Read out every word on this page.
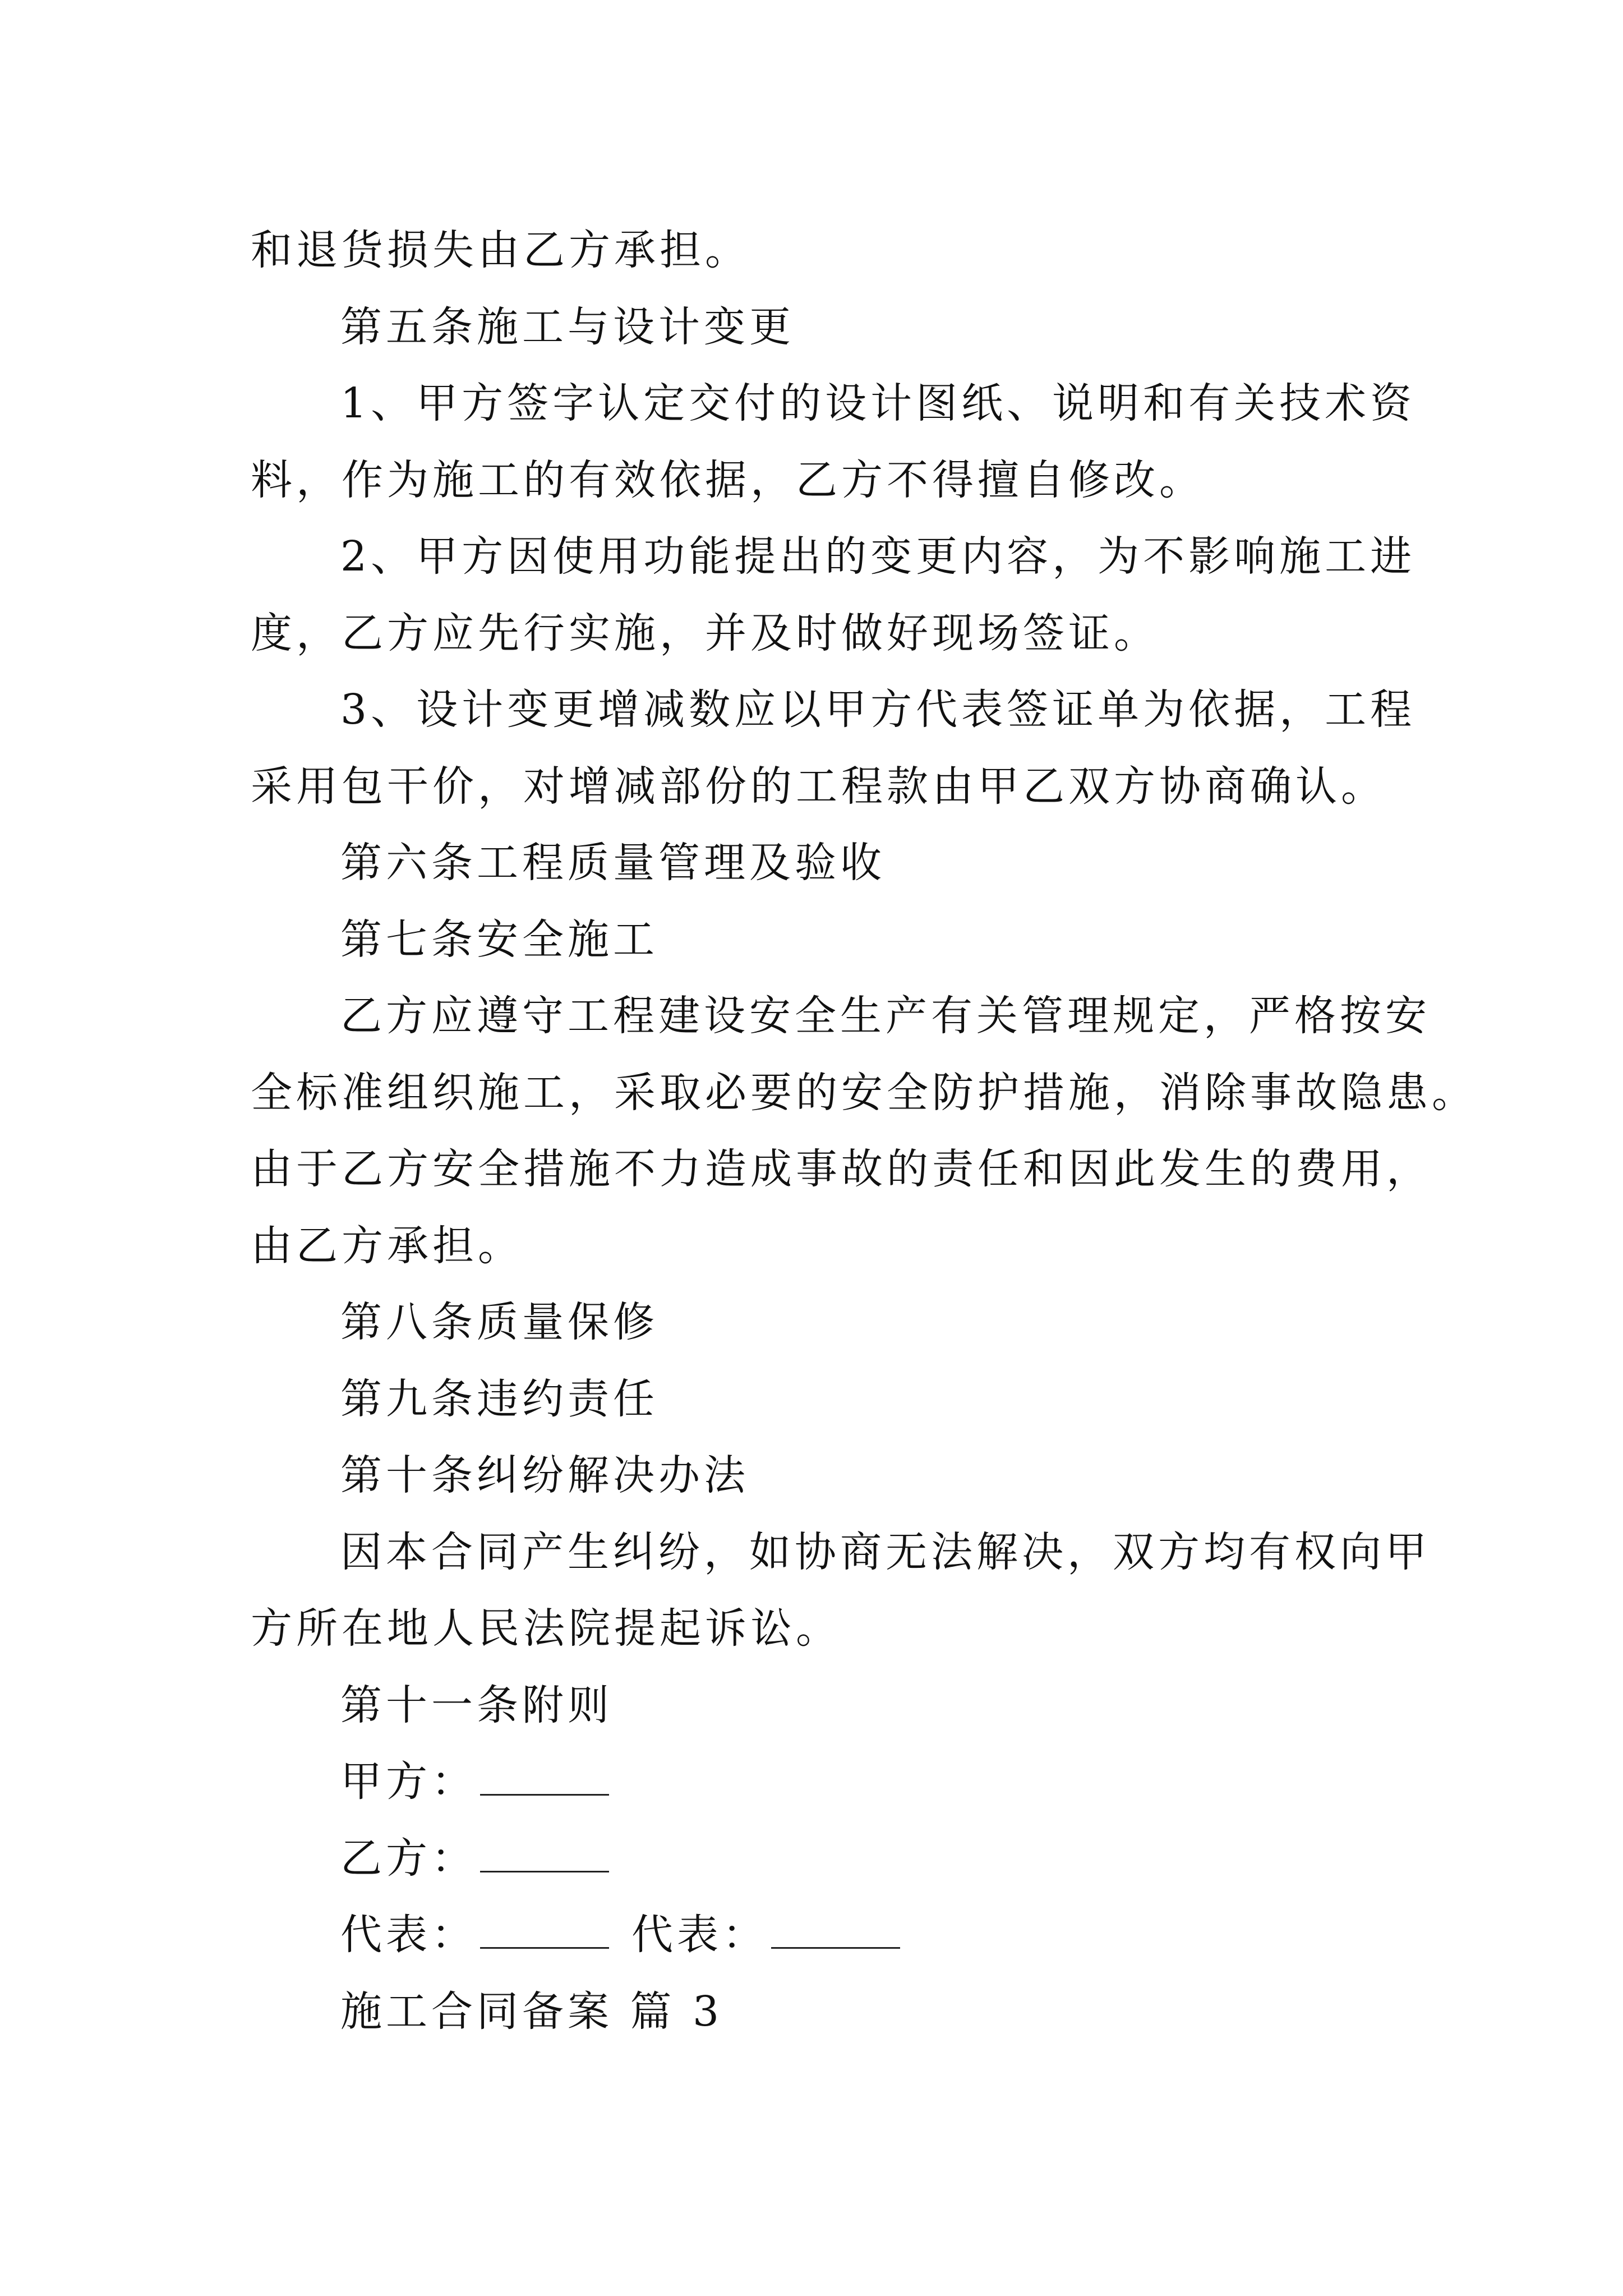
和退货损失由乙方承担。
第五条施工与设计变更
1、甲方签字认定交付的设计图纸、说明和有关技术资
料，作为施工的有效依据，乙方不得擅自修改。
2、甲方因使用功能提出的变更内容，为不影响施工进
度，乙方应先行实施，并及时做好现场签证。
3、设计变更增减数应以甲方代表签证单为依据，工程
采用包干价，对增减部份的工程款由甲乙双方协商确认。
第六条工程质量管理及验收
第七条安全施工
乙方应遵守工程建设安全生产有关管理规定，严格按安
全标准组织施工，采取必要的安全防护措施，消除事故隐患。
由于乙方安全措施不力造成事故的责任和因此发生的费用，
由乙方承担。
第八条质量保修
第九条违约责任
第十条纠纷解决办法
因本合同产生纠纷，如协商无法解决，双方均有权向甲
方所在地人民法院提起诉讼。
第十一条附则
甲方：
乙方：
代表：	代表：
施工合同备案 篇 3
